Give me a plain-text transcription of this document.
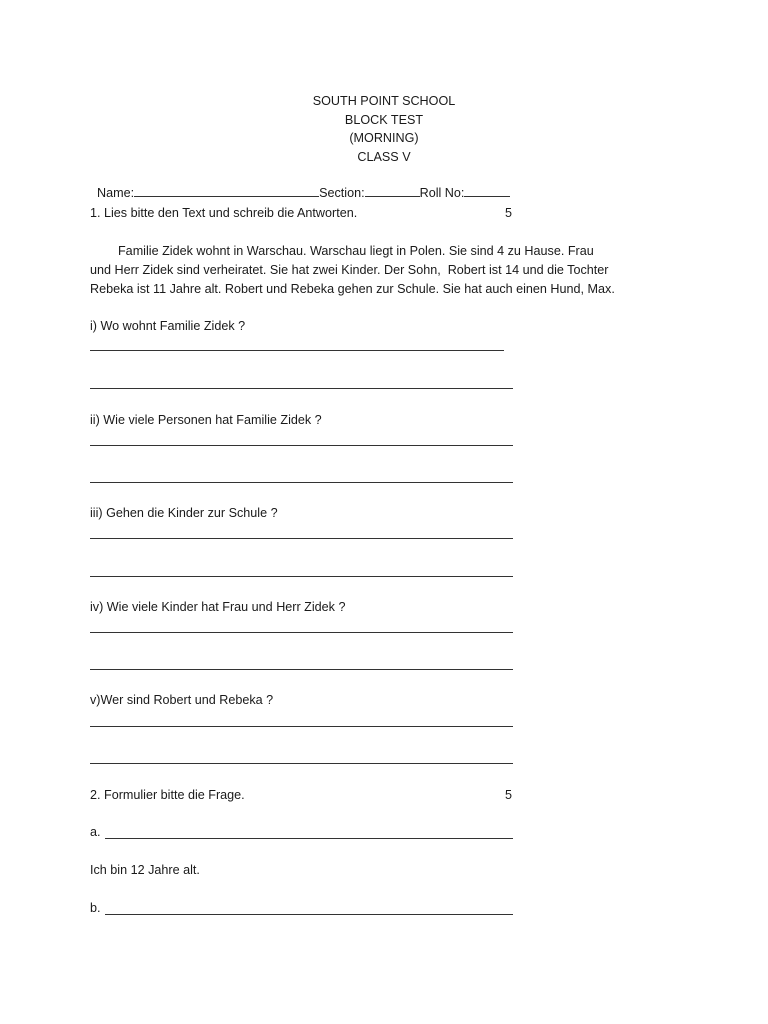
SOUTH POINT SCHOOL
BLOCK TEST
(MORNING)
CLASS V

Name:	Section:	Roll No:

1. Lies bitte den Text und schreib die Antworten.	5
Familie Zidek wohnt in Warschau. Warschau liegt in Polen. Sie sind 4 zu Hause. Frau
und Herr Zidek sind verheiratet. Sie hat zwei Kinder. Der Sohn,  Robert ist 14 und die Tochter
Rebeka ist 11 Jahre alt. Robert und Rebeka gehen zur Schule. Sie hat auch einen Hund, Max.
i) Wo wohnt Familie Zidek ?
ii) Wie viele Personen hat Familie Zidek ?
iii) Gehen die Kinder zur Schule ?
iv) Wie viele Kinder hat Frau und Herr Zidek ?
v)Wer sind Robert und Rebeka ?
2. Formulier bitte die Frage.	5
a.
Ich bin 12 Jahre alt.
b.
